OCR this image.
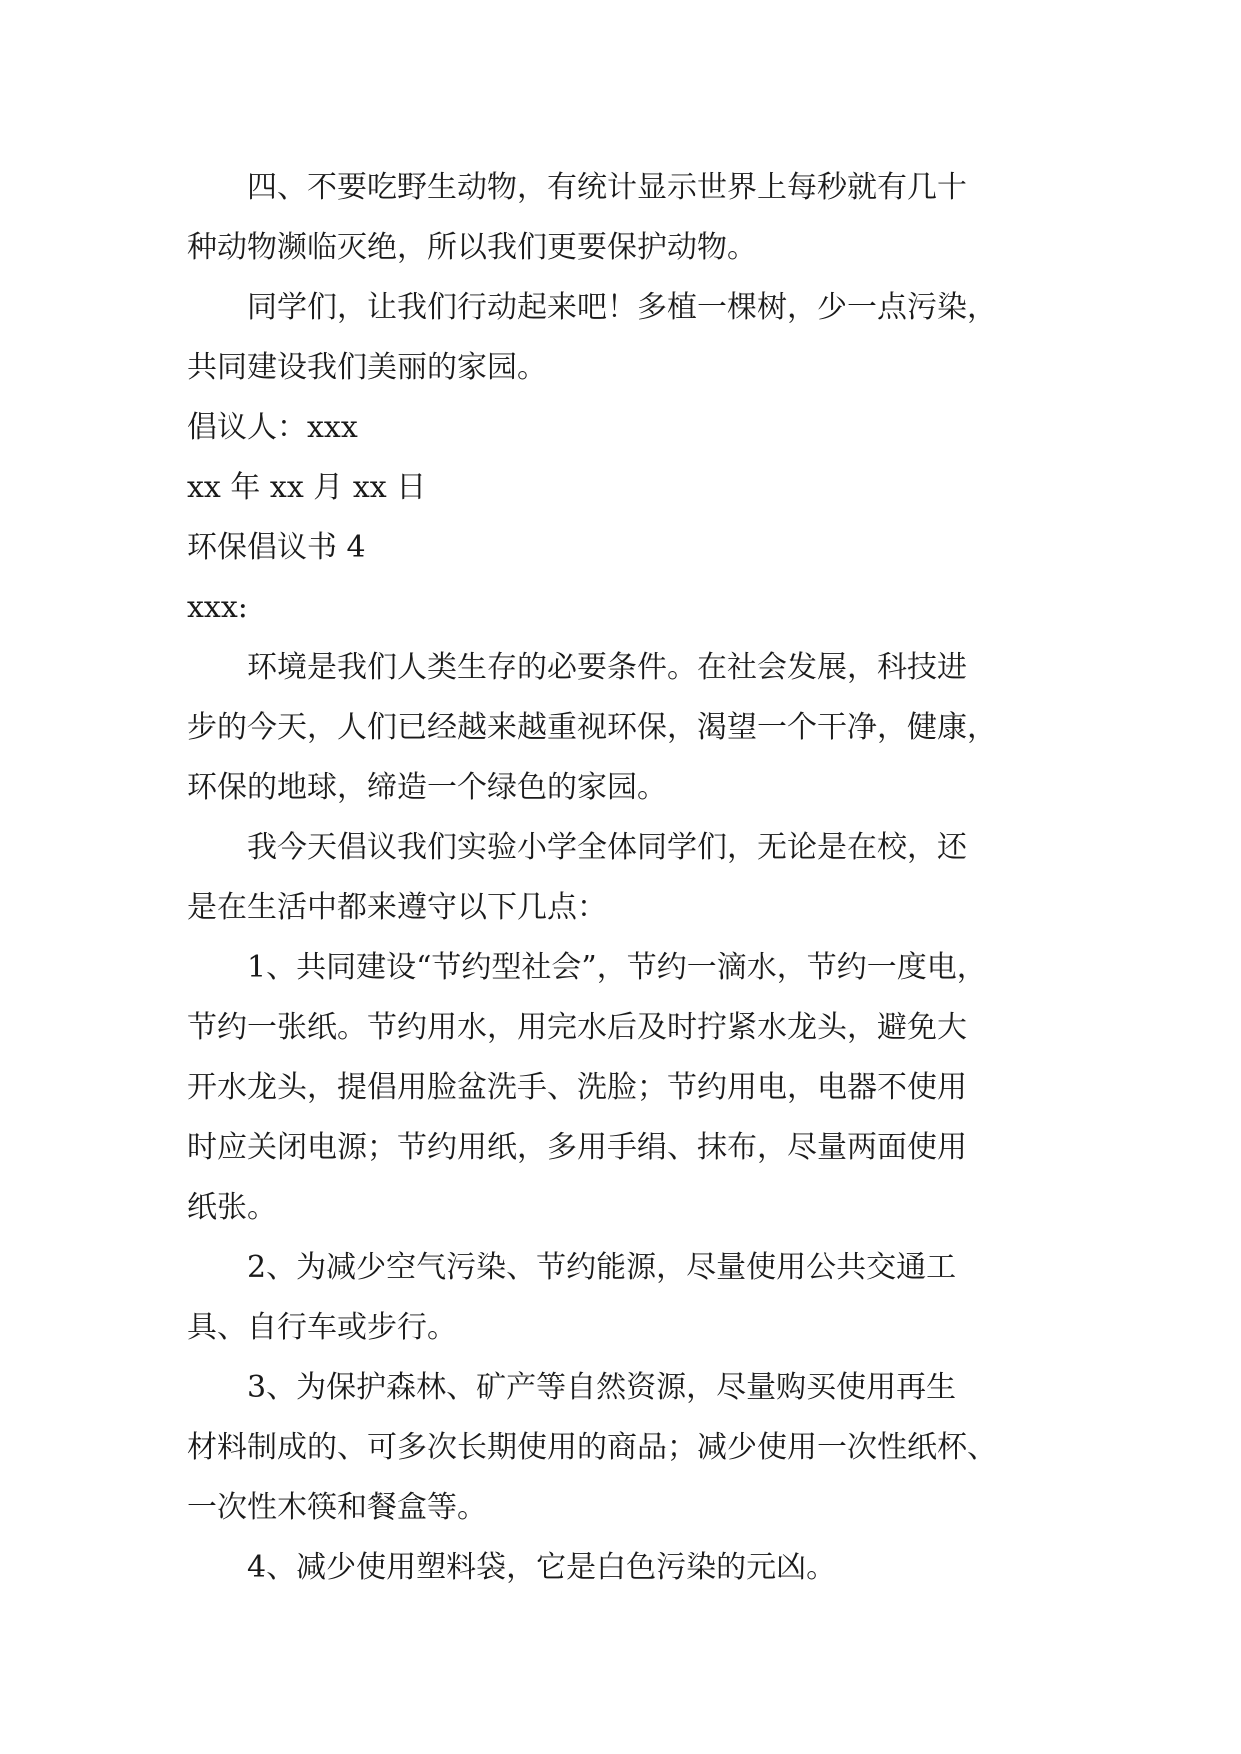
四、不要吃野生动物，有统计显示世界上每秒就有几十

种动物濒临灭绝，所以我们更要保护动物。

同学们，让我们行动起来吧！多植一棵树，少一点污染，

共同建设我们美丽的家园。

倡议人：xxx

xx 年 xx 月 xx 日

环保倡议书 4

xxx:

环境是我们人类生存的必要条件。在社会发展，科技进

步的今天，人们已经越来越重视环保，渴望一个干净，健康，

环保的地球，缔造一个绿色的家园。

我今天倡议我们实验小学全体同学们，无论是在校，还

是在生活中都来遵守以下几点：

1、共同建设“节约型社会”，节约一滴水，节约一度电，

节约一张纸。节约用水，用完水后及时拧紧水龙头，避免大

开水龙头，提倡用脸盆洗手、洗脸；节约用电，电器不使用

时应关闭电源；节约用纸，多用手绢、抹布，尽量两面使用

纸张。

2、为减少空气污染、节约能源，尽量使用公共交通工

具、自行车或步行。

3、为保护森林、矿产等自然资源，尽量购买使用再生

材料制成的、可多次长期使用的商品；减少使用一次性纸杯、

一次性木筷和餐盒等。

4、减少使用塑料袋，它是白色污染的元凶。
